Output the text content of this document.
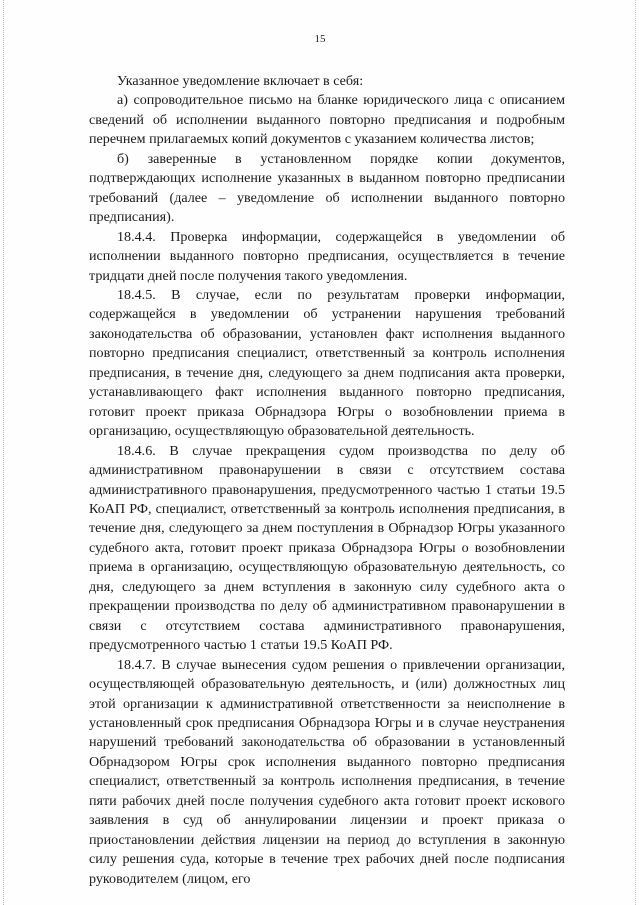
15

Указанное уведомление включает в себя:

а) сопроводительное письмо на бланке юридического лица с описанием сведений об исполнении выданного повторно предписания и подробным перечнем прилагаемых копий документов с указанием количества листов;

б) заверенные в установленном порядке копии документов, подтверждающих исполнение указанных в выданном повторно предписании требований (далее – уведомление об исполнении выданного повторно предписания).

18.4.4. Проверка информации, содержащейся в уведомлении об исполнении выданного повторно предписания, осуществляется в течение тридцати дней после получения такого уведомления.

18.4.5. В случае, если по результатам проверки информации, содержащейся в уведомлении об устранении нарушения требований законодательства об образовании, установлен факт исполнения выданного повторно предписания специалист, ответственный за контроль исполнения предписания, в течение дня, следующего за днем подписания акта проверки, устанавливающего факт исполнения выданного повторно предписания, готовит проект приказа Обрнадзора Югры о возобновлении приема в организацию, осуществляющую образовательной деятельность.

18.4.6. В случае прекращения судом производства по делу об административном правонарушении в связи с отсутствием состава административного правонарушения, предусмотренного частью 1 статьи 19.5 КоАП РФ, специалист, ответственный за контроль исполнения предписания, в течение дня, следующего за днем поступления в Обрнадзор Югры указанного судебного акта, готовит проект приказа Обрнадзора Югры о возобновлении приема в организацию, осуществляющую образовательную деятельность, со дня, следующего за днем вступления в законную силу судебного акта о прекращении производства по делу об административном правонарушении в связи с отсутствием состава административного правонарушения, предусмотренного частью 1 статьи 19.5 КоАП РФ.

18.4.7. В случае вынесения судом решения о привлечении организации, осуществляющей образовательную деятельность, и (или) должностных лиц этой организации к административной ответственности за неисполнение в установленный срок предписания Обрнадзора Югры и в случае неустранения нарушений требований законодательства об образовании в установленный Обрнадзором Югры срок исполнения выданного повторно предписания специалист, ответственный за контроль исполнения предписания, в течение пяти рабочих дней после получения судебного акта готовит проект искового заявления в суд об аннулировании лицензии и проект приказа о приостановлении действия лицензии на период до вступления в законную силу решения суда, которые в течение трех рабочих дней после подписания руководителем (лицом, его
